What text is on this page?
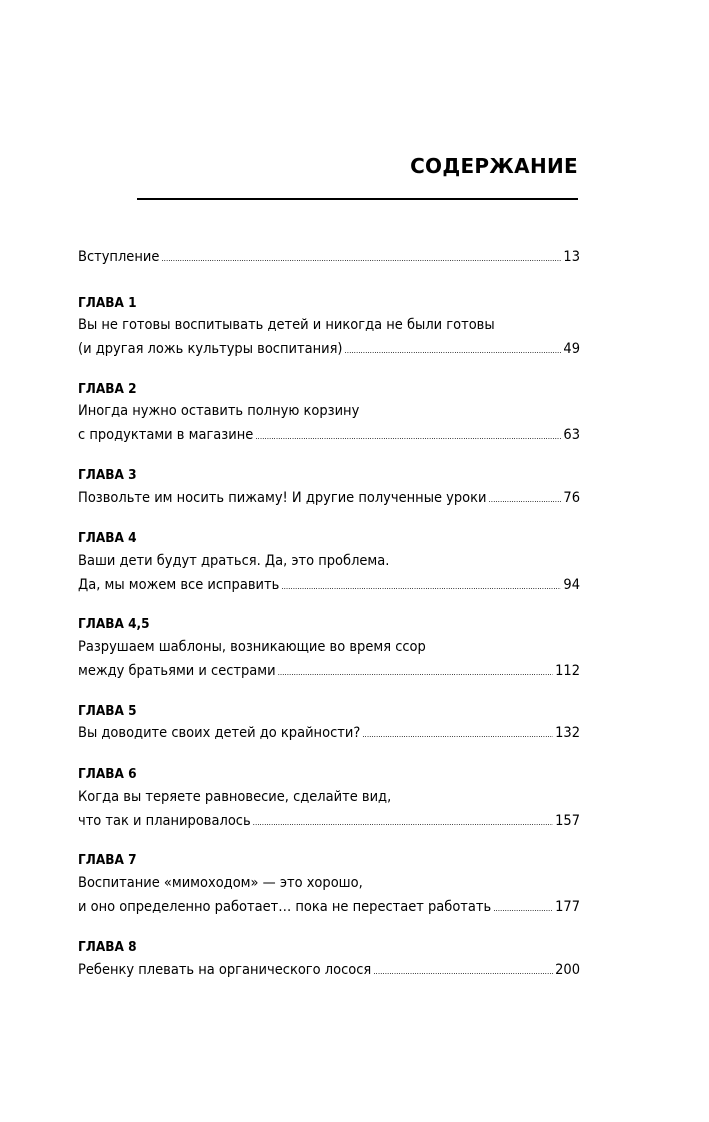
СОДЕРЖАНИЕ
Вступление .....	13
ГЛАВА 1
Вы не готовы воспитывать детей и никогда не были готовы
(и другая ложь культуры воспитания) .....	49
ГЛАВА 2
Иногда нужно оставить полную корзину
с продуктами в магазине .....	63
ГЛАВА 3
Позвольте им носить пижаму! И другие полученные уроки .....	76
ГЛАВА 4
Ваши дети будут драться. Да, это проблема.
Да, мы можем все исправить .....	94
ГЛАВА 4,5
Разрушаем шаблоны, возникающие во время ссор
между братьями и сестрами .....	112
ГЛАВА 5
Вы доводите своих детей до крайности? .....	132
ГЛАВА 6
Когда вы теряете равновесие, сделайте вид,
что так и планировалось .....	157
ГЛАВА 7
Воспитание «мимоходом» — это хорошо,
и оно определенно работает… пока не перестает работать .....	177
ГЛАВА 8
Ребенку плевать на органического лосося .....	200
